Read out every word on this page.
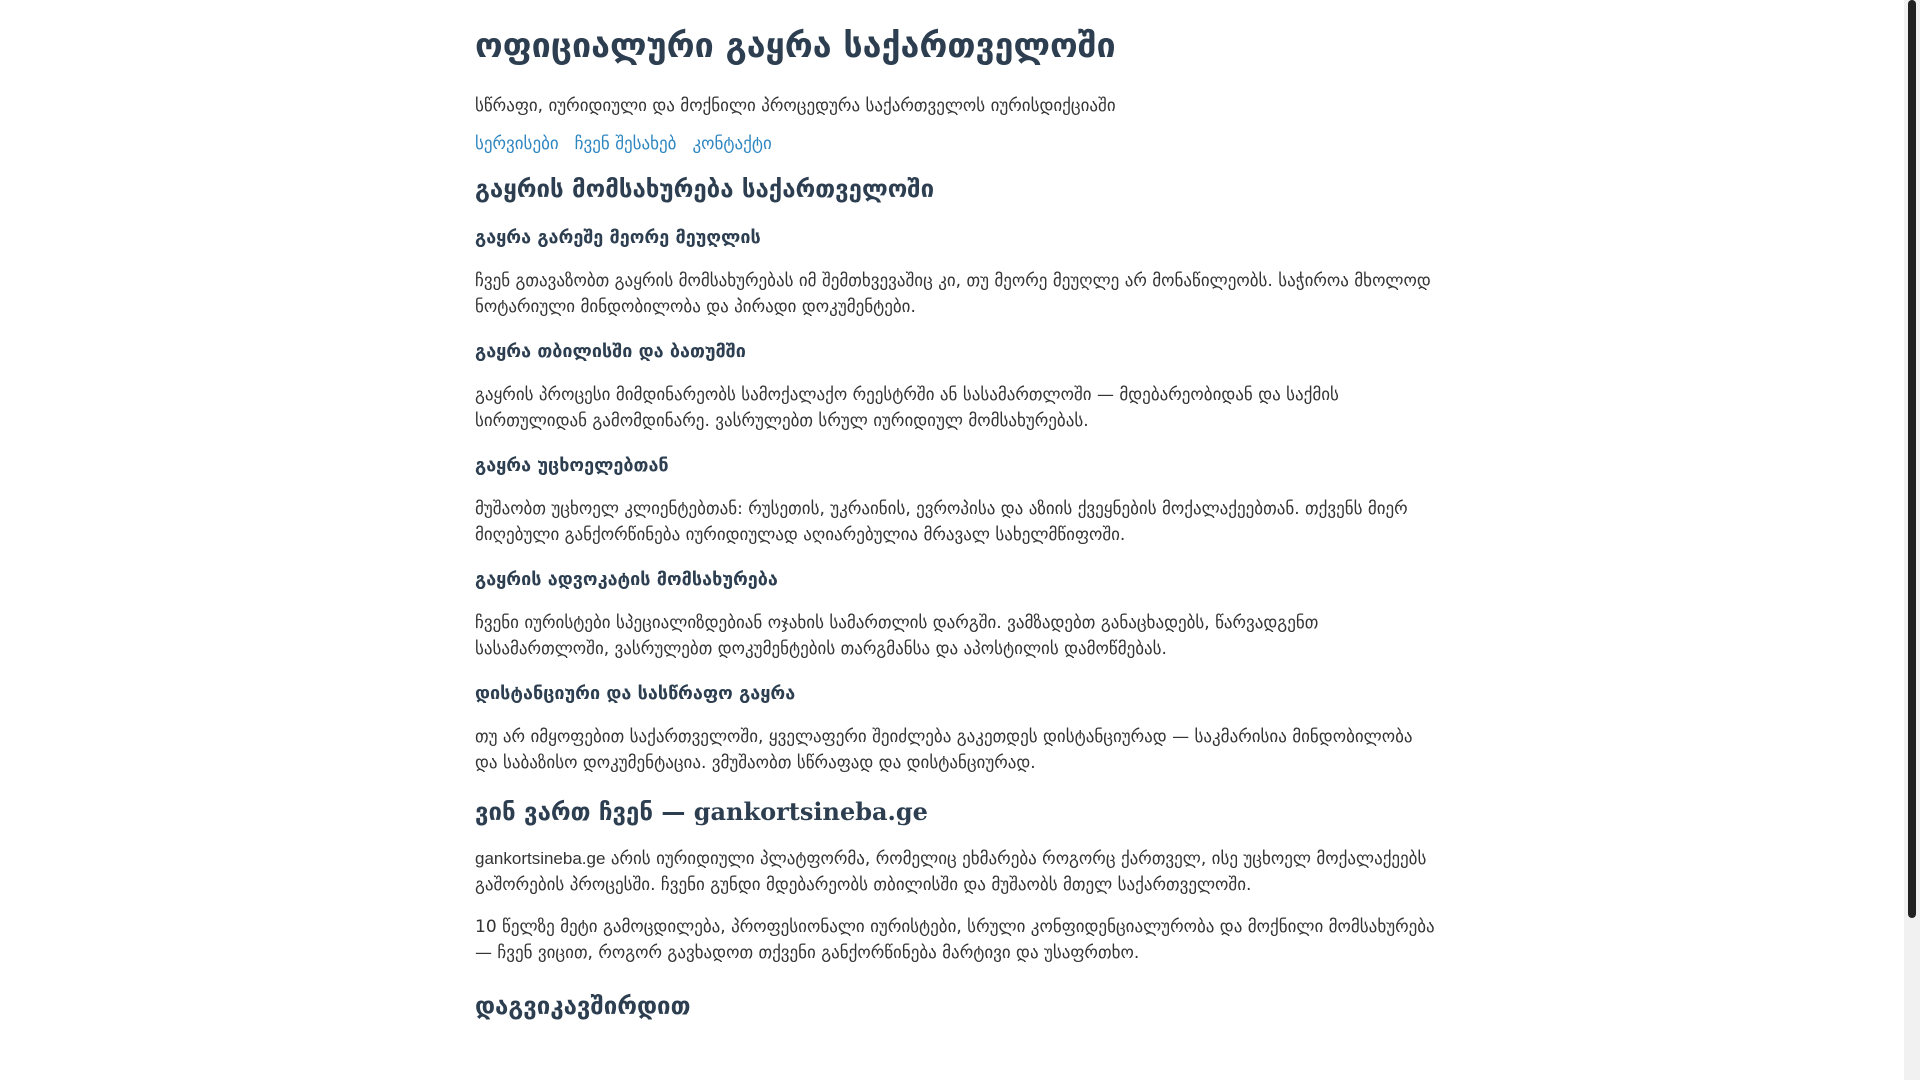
ოფიციალური გაყრა საქართველოში

სწრაფი, იურიდიული და მოქნილი პროცედურა საქართველოს იურისდიქციაში

სერვისები ჩვენ შესახებ კონტაქტი
გაყრის მომსახურება საქართველოში
გაყრა გარეშე მეორე მეუღლის

ჩვენ გთავაზობთ გაყრის მომსახურებას იმ შემთხვევაშიც კი, თუ მეორე მეუღლე არ მონაწილეობს. საჭიროა მხოლოდ ნოტარიული მინდობილობა და პირადი დოკუმენტები.

გაყრა თბილისში და ბათუმში

გაყრის პროცესი მიმდინარეობს სამოქალაქო რეესტრში ან სასამართლოში — მდებარეობიდან და საქმის სირთულიდან გამომდინარე. ვასრულებთ სრულ იურიდიულ მომსახურებას.

გაყრა უცხოელებთან

მუშაობთ უცხოელ კლიენტებთან: რუსეთის, უკრაინის, ევროპისა და აზიის ქვეყნების მოქალაქეებთან. თქვენს მიერ მიღებული განქორწინება იურიდიულად აღიარებულია მრავალ სახელმწიფოში.

გაყრის ადვოკატის მომსახურება

ჩვენი იურისტები სპეციალიზდებიან ოჯახის სამართლის დარგში. ვამზადებთ განაცხადებს, წარვადგენთ სასამართლოში, ვასრულებთ დოკუმენტების თარგმანსა და აპოსტილის დამოწმებას.

დისტანციური და სასწრაფო გაყრა

თუ არ იმყოფებით საქართველოში, ყველაფერი შეიძლება გაკეთდეს დისტანციურად — საკმარისია მინდობილობა და საბაზისო დოკუმენტაცია. ვმუშაობთ სწრაფად და დისტანციურად.

ვინ ვართ ჩვენ — gankortsineba.ge

gankortsineba.ge არის იურიდიული პლატფორმა, რომელიც ეხმარება როგორც ქართველ, ისე უცხოელ მოქალაქეებს გაშორების პროცესში. ჩვენი გუნდი მდებარეობს თბილისში და მუშაობს მთელ საქართველოში.

10 წელზე მეტი გამოცდილება, პროფესიონალი იურისტები, სრული კონფიდენციალურობა და მოქნილი მომსახურება — ჩვენ ვიცით, როგორ გავხადოთ თქვენი განქორწინება მარტივი და უსაფრთხო.

დაგვიკავშირდით
